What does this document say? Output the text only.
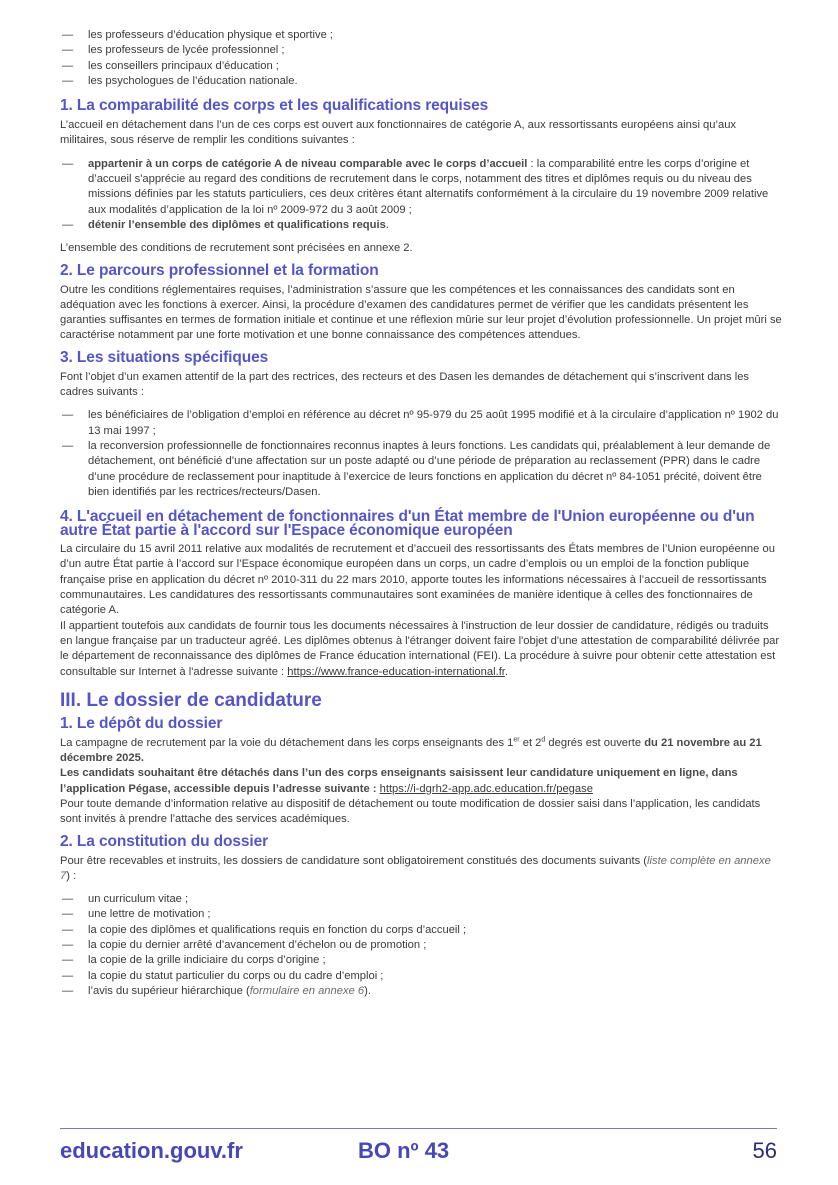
— les professeurs d’éducation physique et sportive ;
— les professeurs de lycée professionnel ;
— les conseillers principaux d’éducation ;
— les psychologues de l’éducation nationale.
1. La comparabilité des corps et les qualifications requises

L’accueil en détachement dans l’un de ces corps est ouvert aux fonctionnaires de catégorie A, aux ressortissants européens ainsi qu’aux militaires, sous réserve de remplir les conditions suivantes :

— appartenir à un corps de catégorie A de niveau comparable avec le corps d’accueil : la comparabilité entre les corps d’origine et d’accueil s'apprécie au regard des conditions de recrutement dans le corps, notamment des titres et diplômes requis ou du niveau des missions définies par les statuts particuliers, ces deux critères étant alternatifs conformément à la circulaire du 19 novembre 2009 relative aux modalités d’application de la loi nº 2009-972 du 3 août 2009 ;
— détenir l’ensemble des diplômes et qualifications requis.

L’ensemble des conditions de recrutement sont précisées en annexe 2.

2. Le parcours professionnel et la formation

Outre les conditions réglementaires requises, l’administration s’assure que les compétences et les connaissances des candidats sont en adéquation avec les fonctions à exercer. Ainsi, la procédure d’examen des candidatures permet de vérifier que les candidats présentent les garanties suffisantes en termes de formation initiale et continue et une réflexion mûrie sur leur projet d’évolution professionnelle. Un projet mûri se caractérise notamment par une forte motivation et une bonne connaissance des compétences attendues.

3. Les situations spécifiques

Font l’objet d’un examen attentif de la part des rectrices, des recteurs et des Dasen les demandes de détachement qui s’inscrivent dans les cadres suivants :

— les bénéficiaires de l’obligation d’emploi en référence au décret nº 95-979 du 25 août 1995 modifié et à la circulaire d’application nº 1902 du 13 mai 1997 ;
— la reconversion professionnelle de fonctionnaires reconnus inaptes à leurs fonctions. Les candidats qui, préalablement à leur demande de détachement, ont bénéficié d’une affectation sur un poste adapté ou d’une période de préparation au reclassement (PPR) dans le cadre d’une procédure de reclassement pour inaptitude à l’exercice de leurs fonctions en application du décret nº 84-1051 précité, doivent être bien identifiés par les rectrices/recteurs/Dasen.
4. L'accueil en détachement de fonctionnaires d'un État membre de l'Union européenne ou d'un autre État partie à l'accord sur l'Espace économique européen

La circulaire du 15 avril 2011 relative aux modalités de recrutement et d’accueil des ressortissants des États membres de l’Union européenne ou d’un autre État partie à l’accord sur l’Espace économique européen dans un corps, un cadre d’emplois ou un emploi de la fonction publique française prise en application du décret nº 2010-311 du 22 mars 2010, apporte toutes les informations nécessaires à l’accueil de ressortissants communautaires. Les candidatures des ressortissants communautaires sont examinées de manière identique à celles des fonctionnaires de catégorie A.

Il appartient toutefois aux candidats de fournir tous les documents nécessaires à l'instruction de leur dossier de candidature, rédigés ou traduits en langue française par un traducteur agréé. Les diplômes obtenus à l'étranger doivent faire l'objet d'une attestation de comparabilité délivrée par le département de reconnaissance des diplômes de France éducation international (FEI). La procédure à suivre pour obtenir cette attestation est consultable sur Internet à l'adresse suivante : https://www.france-education-international.fr.

III. Le dossier de candidature
1. Le dépôt du dossier

La campagne de recrutement par la voie du détachement dans les corps enseignants des 1er et 2$^d$ degrés est ouverte du 21 novembre au 21 décembre 2025.

Les candidats souhaitant être détachés dans l’un des corps enseignants saisissent leur candidature uniquement en ligne, dans l’application Pégase, accessible depuis l’adresse suivante : https://i-dgrh2-app.adc.education.fr/pegase

Pour toute demande d’information relative au dispositif de détachement ou toute modification de dossier saisi dans l’application, les candidats sont invités à prendre l’attache des services académiques.

2. La constitution du dossier

Pour être recevables et instruits, les dossiers de candidature sont obligatoirement constitués des documents suivants (liste complète en annexe 7) :

— un curriculum vitae ;
— une lettre de motivation ;
— la copie des diplômes et qualifications requis en fonction du corps d’accueil ;
— la copie du dernier arrêté d’avancement d’échelon ou de promotion ;
— la copie de la grille indiciaire du corps d’origine ;
— la copie du statut particulier du corps ou du cadre d’emploi ;
— l’avis du supérieur hiérarchique (formulaire en annexe 6).
education.gouv.fr	BO nº 43	56
